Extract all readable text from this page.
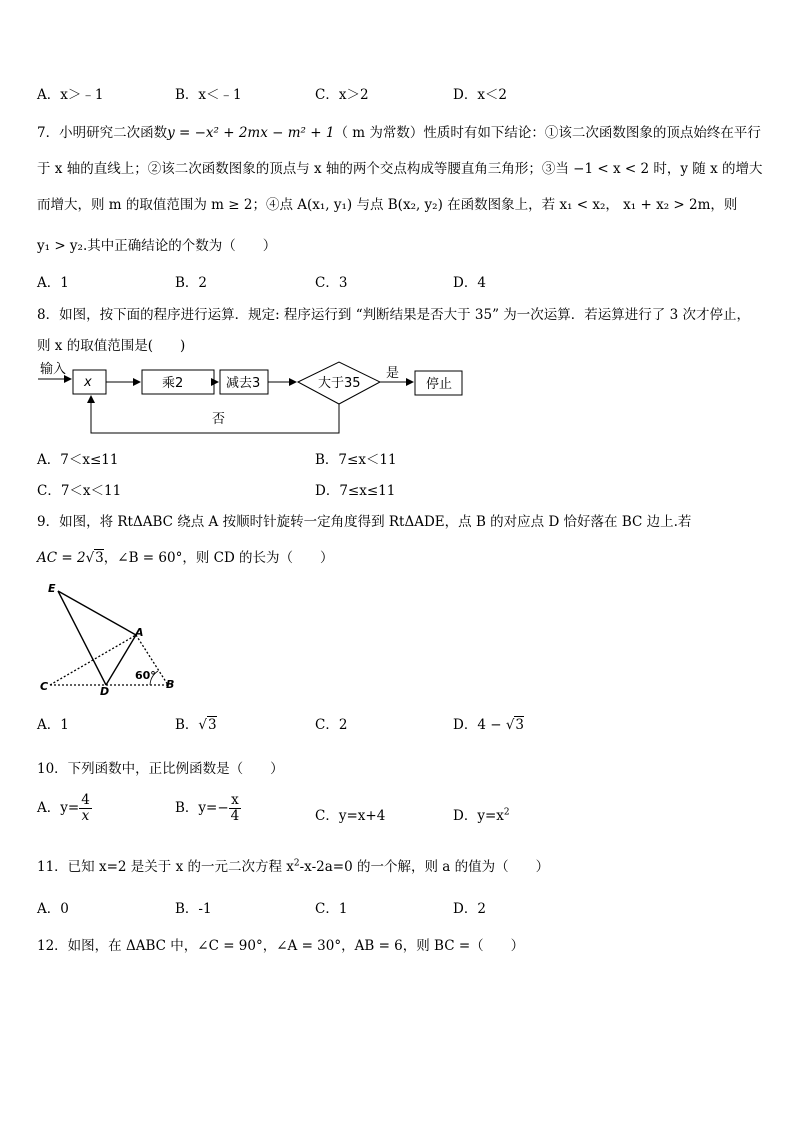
A．x＞﹣1	B．x＜﹣1	C．x＞2	D．x＜2
7．小明研究二次函数y = −x² + 2mx − m² + 1（ m 为常数）性质时有如下结论：①该二次函数图象的顶点始终在平行
于 x 轴的直线上；②该二次函数图象的顶点与 x 轴的两个交点构成等腰直角三角形；③当 −1 < x < 2 时，y 随 x 的增大
而增大，则 m 的取值范围为 m ≥ 2；④点 A(x₁, y₁) 与点 B(x₂, y₂) 在函数图象上，若 x₁ < x₂， x₁ + x₂ > 2m，则
y₁ > y₂.其中正确结论的个数为（　　）
A．1	B．2	C．3	D．4
8．如图，按下面的程序进行运算．规定: 程序运行到 “判断结果是否大于 35” 为一次运算．若运算进行了 3 次才停止，
则 x 的取值范围是(　　)
输入
x	乘2	减去3	大于35
是
停止
否
A．7＜x≤11	B．7≤x＜11
C．7＜x＜11	D．7≤x≤11
9．如图，将 RtΔABC 绕点 A 按顺时针旋转一定角度得到 RtΔADE，点 B 的对应点 D 恰好落在 BC 边上.若
AC = 2√3，∠B = 60°，则 CD 的长为（　　）
E
A
C	D
B
60°
A．1	B．√3	C．2	D．4 − √3
10．下列函数中，正比例函数是（　　）
A．$y= \frac{4}{x}$	B．$y=- \frac{x}{4}$	C．y=x+4	D．$y=x^2$
11．已知 x=2 是关于 x 的一元二次方程 $x^2-x-2a=0$ 的一个解，则 a 的值为（　　）
A．0	B．-1	C．1	D．2
12．如图，在 ΔABC 中，∠C = 90°，∠A = 30°，AB = 6，则 BC =（　　）
